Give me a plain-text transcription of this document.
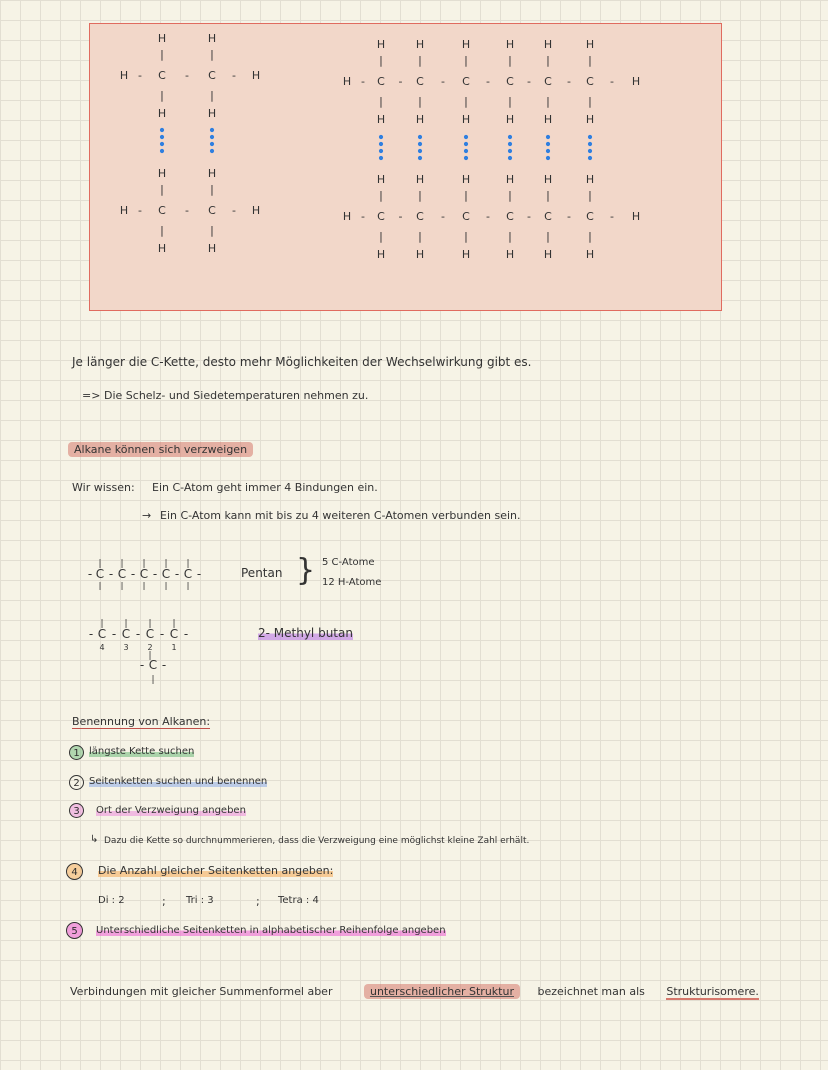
H
|
C
|
H
H
|
C
|
H
H -	-	- H
H
|
C
|
H
H
|
C
|
H
H -	-	- H
H
|
C
|
H
H
|
C
|
H
H
|
C
|
H
H
|
C
|
H
H
|
C
|
H
H
|
C
|
H
H -	-	-	-	-	-	- H
H
|
C
|
H
H
|
C
|
H
H
|
C
|
H
H
|
C
|
H
H
|
C
|
H
H
|
C
|
H
H -	-	-	-	-	-	- H
Je länger die C-Kette, desto mehr Möglichkeiten der Wechselwirkung gibt es.
=> Die Schelz- und Siedetemperaturen nehmen zu.
Alkane können sich verzweigen
Wir wissen: Ein C-Atom geht immer 4 Bindungen ein.
→ Ein C-Atom kann mit bis zu 4 weiteren C-Atomen verbunden sein.
-
|
C
|
-
|
C
|
-
|
C
|
-
|
C
|
-
|
C
|
-	Pentan } 5 C-Atome
12 H-Atome
-
|
C -
4
|
C -
3
|
C -
2
|
C
1
-
|
- C -
|
2- Methyl butan
Benennung von Alkanen:
1 längste Kette suchen
2 Seitenketten suchen und benennen
3	Ort der Verzweigung angeben
↳ Dazu die Kette so durchnummerieren, dass die Verzweigung eine möglichst kleine Zahl erhält.
4	Die Anzahl gleicher Seitenketten angeben:
Di : 2	; Tri : 3	; Tetra : 4
5	Unterschiedliche Seitenketten in alphabetischer Reihenfolge angeben
Verbindungen mit gleicher Summenformel aber	unterschiedlicher Struktur bezeichnet man als Strukturisomere.
